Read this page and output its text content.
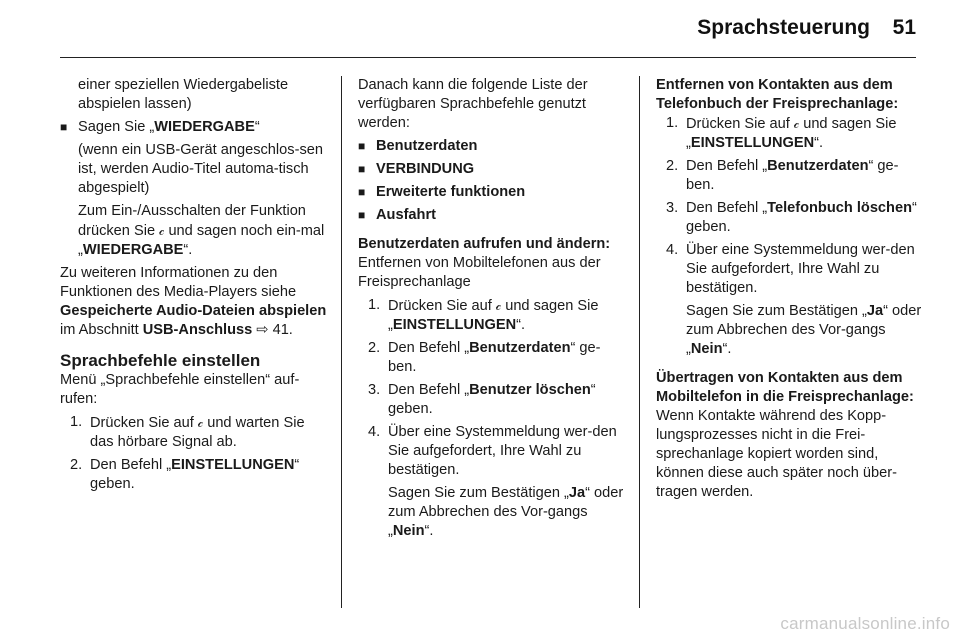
Sprachsteuerung 51

einer speziellen Wiedergabeliste abspielen lassen)

■ Sagen Sie „WIEDERGABE“

(wenn ein USB-Gerät angeschlos-sen ist, werden Audio-Titel automa-tisch abgespielt)

Zum Ein-/Ausschalten der Funktion drücken Sie 𝒸 und sagen noch ein-mal „WIEDERGABE“.

Zu weiteren Informationen zu den Funktionen des Media-Players siehe Gespeicherte Audio-Dateien abspielen im Abschnitt USB-Anschluss ⇨ 41.

Sprachbefehle einstellen

Menü „Sprachbefehle einstellen“ auf-rufen:

1. Drücken Sie auf 𝒸 und warten Sie das hörbare Signal ab.
2. Den Befehl „EINSTELLUNGEN“ geben.

Danach kann die folgende Liste der verfügbaren Sprachbefehle genutzt werden:

■ Benutzerdaten
■ VERBINDUNG
■ Erweiterte funktionen
■ Ausfahrt
Benutzerdaten aufrufen und ändern:

Entfernen von Mobiltelefonen aus der Freisprechanlage

1. Drücken Sie auf 𝒸 und sagen Sie „EINSTELLUNGEN“.
2. Den Befehl „Benutzerdaten“ ge-ben.
3. Den Befehl „Benutzer löschen“ geben.
4. Über eine Systemmeldung wer-den Sie aufgefordert, Ihre Wahl zu bestätigen.
Sagen Sie zum Bestätigen „Ja“ oder zum Abbrechen des Vor-gangs „Nein“.
Entfernen von Kontakten aus dem Telefonbuch der Freisprechanlage:
1. Drücken Sie auf 𝒸 und sagen Sie „EINSTELLUNGEN“.
2. Den Befehl „Benutzerdaten“ ge-ben.
3. Den Befehl „Telefonbuch löschen“ geben.
4. Über eine Systemmeldung wer-den Sie aufgefordert, Ihre Wahl zu bestätigen.
Sagen Sie zum Bestätigen „Ja“ oder zum Abbrechen des Vor-gangs „Nein“.
Übertragen von Kontakten aus dem Mobiltelefon in die Freisprechanlage:

Wenn Kontakte während des Kopp-lungsprozesses nicht in die Frei-sprechanlage kopiert worden sind, können diese auch später noch über-tragen werden.

carmanualsonline.info
